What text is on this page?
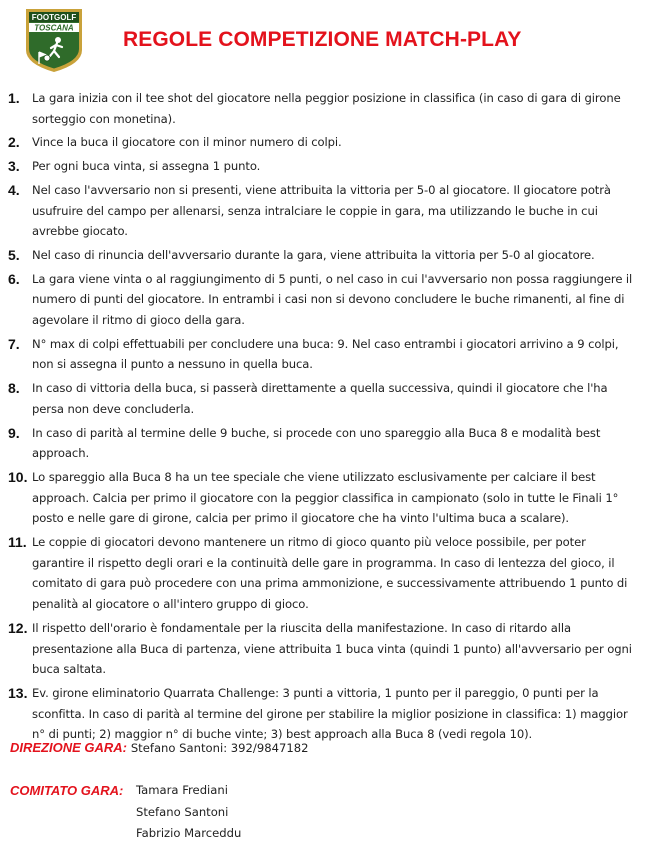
FOOTGOLF
TOSCANA REGOLE COMPETIZIONE MATCH-PLAY
1.	La gara inizia con il tee shot del giocatore nella peggior posizione in classifica (in caso di gara di girone sorteggio con monetina).
2.	Vince la buca il giocatore con il minor numero di colpi.
3.	Per ogni buca vinta, si assegna 1 punto.
4.	Nel caso l'avversario non si presenti, viene attribuita la vittoria per 5-0 al giocatore. Il giocatore potrà usufruire del campo per allenarsi, senza intralciare le coppie in gara, ma utilizzando le buche in cui avrebbe giocato.
5.	Nel caso di rinuncia dell'avversario durante la gara, viene attribuita la vittoria per 5-0 al giocatore.
6.	La gara viene vinta o al raggiungimento di 5 punti, o nel caso in cui l'avversario non possa raggiungere il numero di punti del giocatore. In entrambi i casi non si devono concludere le buche rimanenti, al fine di agevolare il ritmo di gioco della gara.
7.	N° max di colpi effettuabili per concludere una buca: 9. Nel caso entrambi i giocatori arrivino a 9 colpi, non si assegna il punto a nessuno in quella buca.
8.	In caso di vittoria della buca, si passerà direttamente a quella successiva, quindi il giocatore che l'ha persa non deve concluderla.
9.	In caso di parità al termine delle 9 buche, si procede con uno spareggio alla Buca 8 e modalità best approach.
10. Lo spareggio alla Buca 8 ha un tee speciale che viene utilizzato esclusivamente per calciare il best approach. Calcia per primo il giocatore con la peggior classifica in campionato (solo in tutte le Finali 1° posto e nelle gare di girone, calcia per primo il giocatore che ha vinto l'ultima buca a scalare).
11. Le coppie di giocatori devono mantenere un ritmo di gioco quanto più veloce possibile, per poter garantire il rispetto degli orari e la continuità delle gare in programma. In caso di lentezza del gioco, il comitato di gara può procedere con una prima ammonizione, e successivamente attribuendo 1 punto di penalità al giocatore o all'intero gruppo di gioco.
12. Il rispetto dell'orario è fondamentale per la riuscita della manifestazione. In caso di ritardo alla presentazione alla Buca di partenza, viene attribuita 1 buca vinta (quindi 1 punto) all'avversario per ogni buca saltata.
13. Ev. girone eliminatorio Quarrata Challenge: 3 punti a vittoria, 1 punto per il pareggio, 0 punti per la sconfitta. In caso di parità al termine del girone per stabilire la miglior posizione in classifica: 1) maggior n° di punti; 2) maggior n° di buche vinte; 3) best approach alla Buca 8 (vedi regola 10).
DIREZIONE GARA: Stefano Santoni: 392/9847182
COMITATO GARA: Tamara Frediani
Stefano Santoni
Fabrizio Marceddu
